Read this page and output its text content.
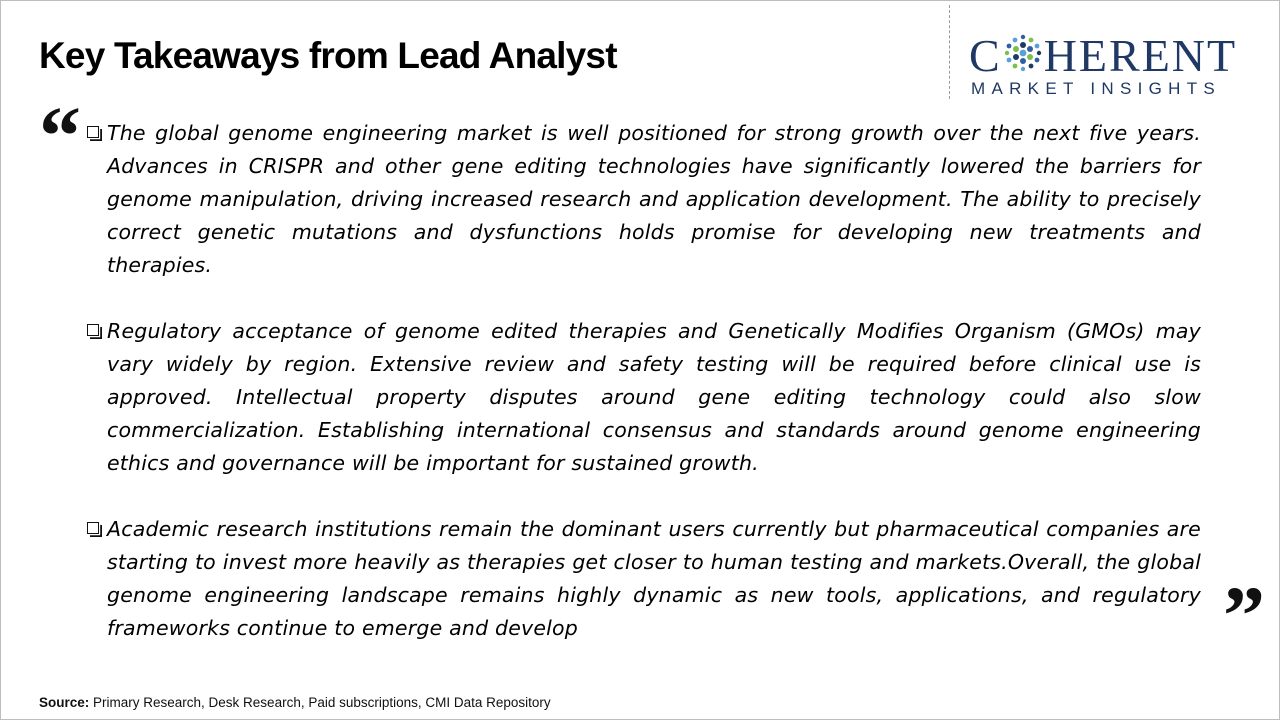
Key Takeaways from Lead Analyst	C HERENT
MARKET INSIGHTS
“ The global genome engineering market is well positioned for strong growth over the next five years. Advances in CRISPR and other gene editing technologies have significantly lowered the barriers for genome manipulation, driving increased research and application development. The ability to precisely correct genetic mutations and dysfunctions holds promise for developing new treatments and therapies.
Regulatory acceptance of genome edited therapies and Genetically Modifies Organism (GMOs) may vary widely by region. Extensive review and safety testing will be required before clinical use is approved. Intellectual property disputes around gene editing technology could also slow commercialization. Establishing international consensus and standards around genome engineering ethics and governance will be important for sustained growth.
Academic research institutions remain the dominant users currently but pharmaceutical companies are starting to invest more heavily as therapies get closer to human testing and markets.Overall, the global genome engineering landscape remains highly dynamic as new tools, applications, and regulatory frameworks continue to emerge and develop	”
Source: Primary Research, Desk Research, Paid subscriptions, CMI Data Repository
